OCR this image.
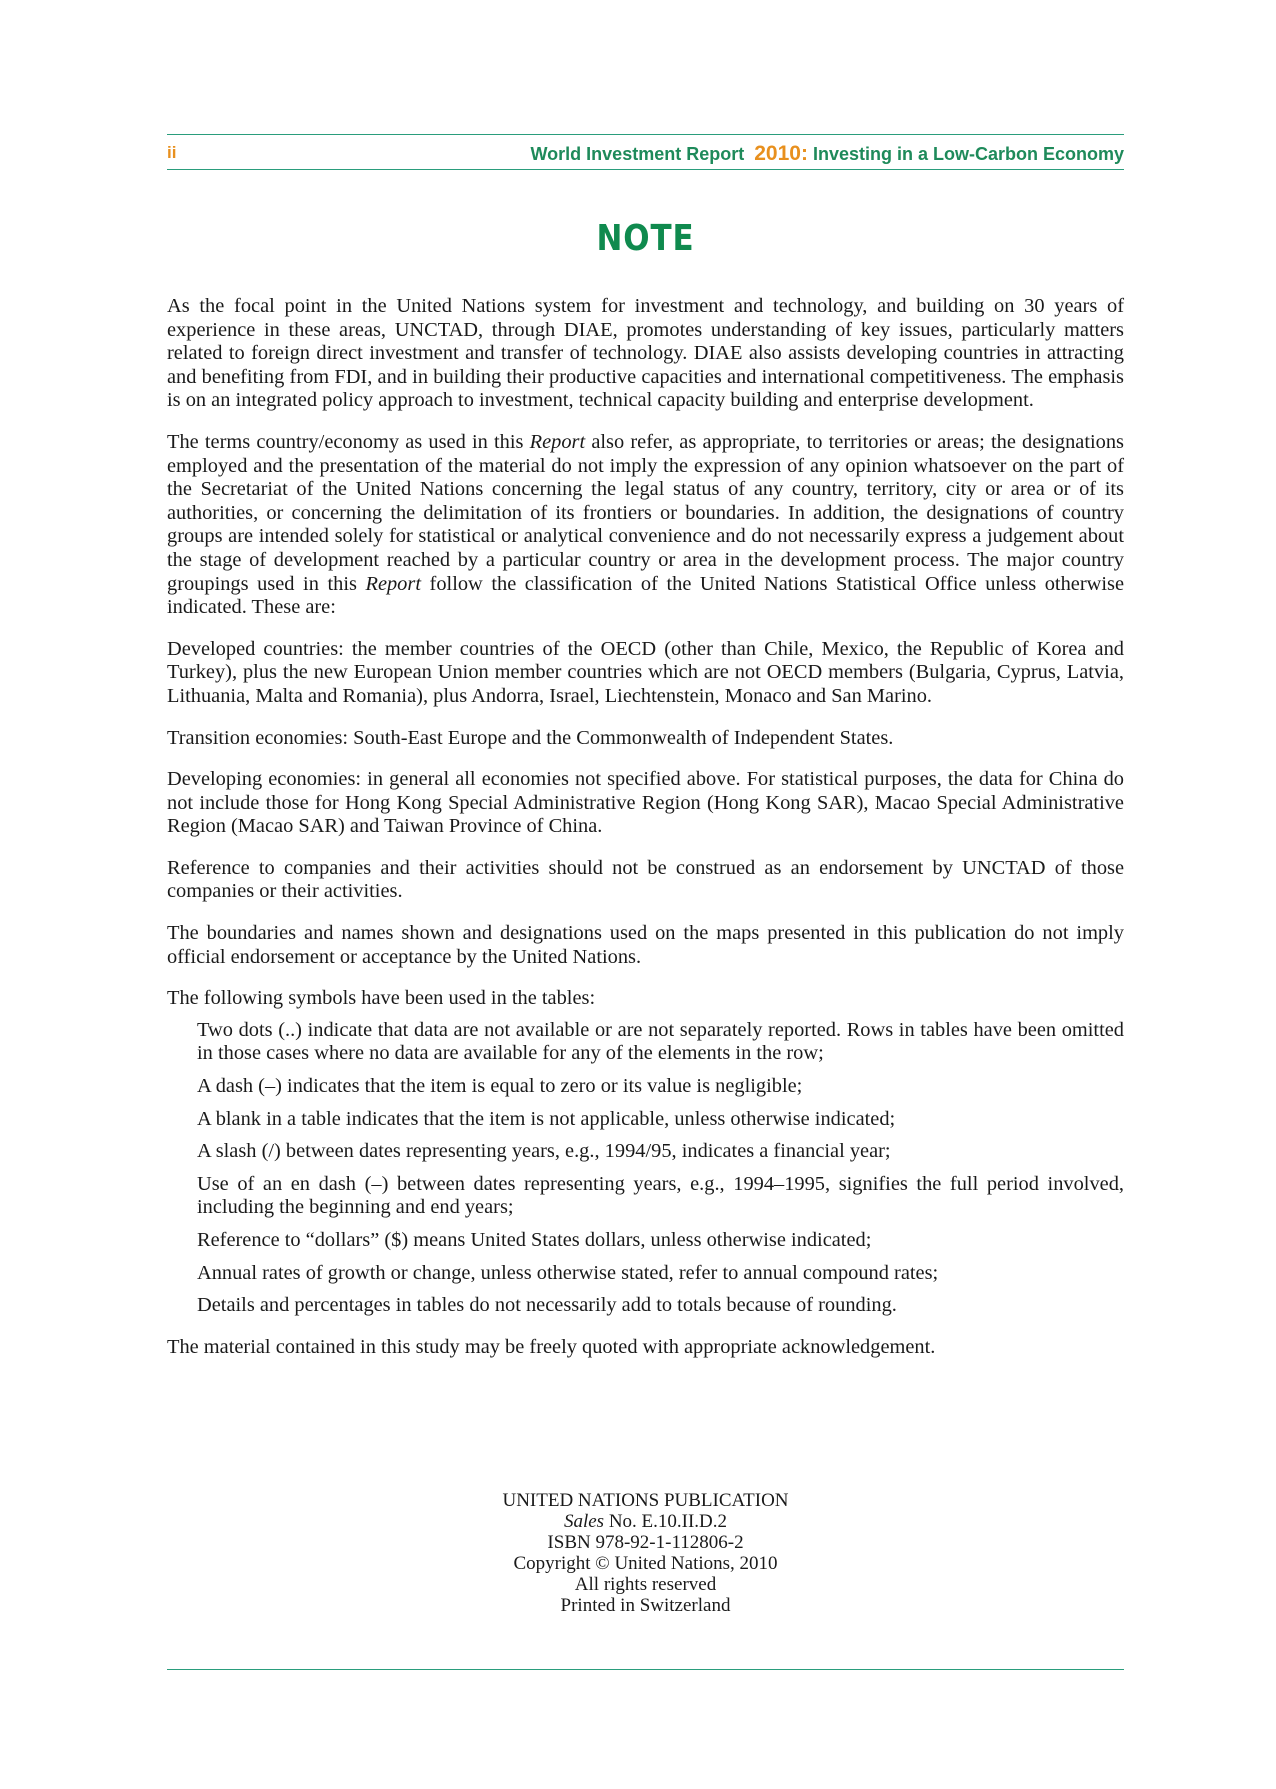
ii	World Investment Report 2010: Investing in a Low-Carbon Economy
NOTE

As the focal point in the United Nations system for investment and technology, and building on 30 years of experience in these areas, UNCTAD, through DIAE, promotes understanding of key issues, particularly matters related to foreign direct investment and transfer of technology. DIAE also assists developing countries in attracting and benefiting from FDI, and in building their productive capacities and international competitiveness. The emphasis is on an integrated policy approach to investment, technical capacity building and enterprise development.

The terms country/economy as used in this Report also refer, as appropriate, to territories or areas; the designations employed and the presentation of the material do not imply the expression of any opinion whatsoever on the part of the Secretariat of the United Nations concerning the legal status of any country, territory, city or area or of its authorities, or concerning the delimitation of its frontiers or boundaries. In addition, the designations of country groups are intended solely for statistical or analytical convenience and do not necessarily express a judgement about the stage of development reached by a particular country or area in the development process. The major country groupings used in this Report follow the classification of the United Nations Statistical Office unless otherwise indicated. These are:

Developed countries: the member countries of the OECD (other than Chile, Mexico, the Republic of Korea and Turkey), plus the new European Union member countries which are not OECD members (Bulgaria, Cyprus, Latvia, Lithuania, Malta and Romania), plus Andorra, Israel, Liechtenstein, Monaco and San Marino.

Transition economies: South-East Europe and the Commonwealth of Independent States.

Developing economies: in general all economies not specified above. For statistical purposes, the data for China do not include those for Hong Kong Special Administrative Region (Hong Kong SAR), Macao Special Administrative Region (Macao SAR) and Taiwan Province of China.

Reference to companies and their activities should not be construed as an endorsement by UNCTAD of those companies or their activities.

The boundaries and names shown and designations used on the maps presented in this publication do not imply official endorsement or acceptance by the United Nations.

The following symbols have been used in the tables:

Two dots (..) indicate that data are not available or are not separately reported. Rows in tables have been omitted in those cases where no data are available for any of the elements in the row;
A dash (–) indicates that the item is equal to zero or its value is negligible;
A blank in a table indicates that the item is not applicable, unless otherwise indicated;
A slash (/) between dates representing years, e.g., 1994/95, indicates a financial year;
Use of an en dash (–) between dates representing years, e.g., 1994–1995, signifies the full period involved, including the beginning and end years;
Reference to “dollars” ($) means United States dollars, unless otherwise indicated;
Annual rates of growth or change, unless otherwise stated, refer to annual compound rates;
Details and percentages in tables do not necessarily add to totals because of rounding.

The material contained in this study may be freely quoted with appropriate acknowledgement.

UNITED NATIONS PUBLICATION
Sales No. E.10.II.D.2
ISBN 978-92-1-112806-2
Copyright © United Nations, 2010
All rights reserved
Printed in Switzerland
